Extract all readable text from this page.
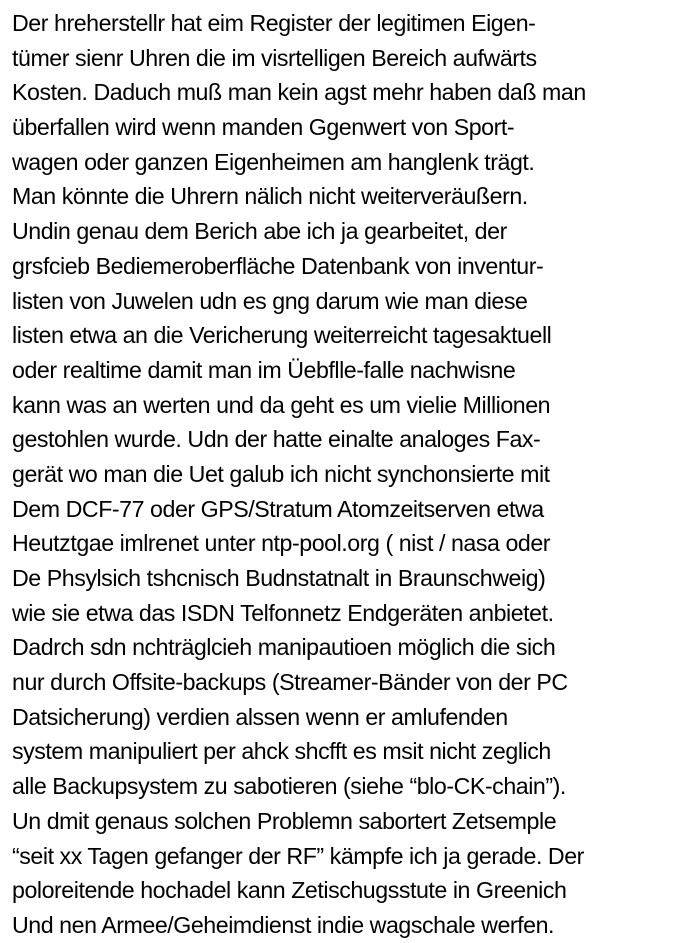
Der hreherstellr hat eim Register der legitimen Eigen-
tümer sienr Uhren die im visrtelligen Bereich aufwärts
Kosten. Daduch muß man kein agst mehr haben daß man
überfallen wird wenn manden Ggenwert von Sport-
wagen oder ganzen Eigenheimen am hanglenk trägt.
Man könnte die Uhrern nälich nicht weiterveräußern.
Undin genau dem Berich abe ich ja gearbeitet, der
grsfcieb Bediemeroberfläche Datenbank von inventur-
listen von Juwelen udn es gng darum wie man diese
listen etwa an die Vericherung weiterreicht tagesaktuell
oder realtime damit man im Üebflle-falle nachwisne
kann was an werten und da geht es um vielie Millionen
gestohlen wurde. Udn der hatte einalte analoges Fax-
gerät wo man die Uet galub ich nicht synchonsierte mit
Dem DCF-77 oder GPS/Stratum Atomzeitserven etwa
Heutztgae imlrenet unter ntp-pool.org ( nist / nasa oder
De Phsylsich tshcnisch Budnstatnalt in Braunschweig)
wie sie etwa das ISDN Telfonnetz Endgeräten anbietet.
Dadrch sdn nchträglcieh manipautioen möglich die sich
nur durch Offsite-backups (Streamer-Bänder von der PC
Datsicherung) verdien alssen wenn er amlufenden
system manipuliert per ahck shcfft es msit nicht zeglich
alle Backupsystem zu sabotieren (siehe “blo-CK-chain”).
Un dmit genaus solchen Problemn sabortert Zetsemple
“seit xx Tagen gefanger der RF” kämpfe ich ja gerade. Der
poloreitende hochadel kann Zetischugsstute in Greenich
Und nen Armee/Geheimdienst indie wagschale werfen.
